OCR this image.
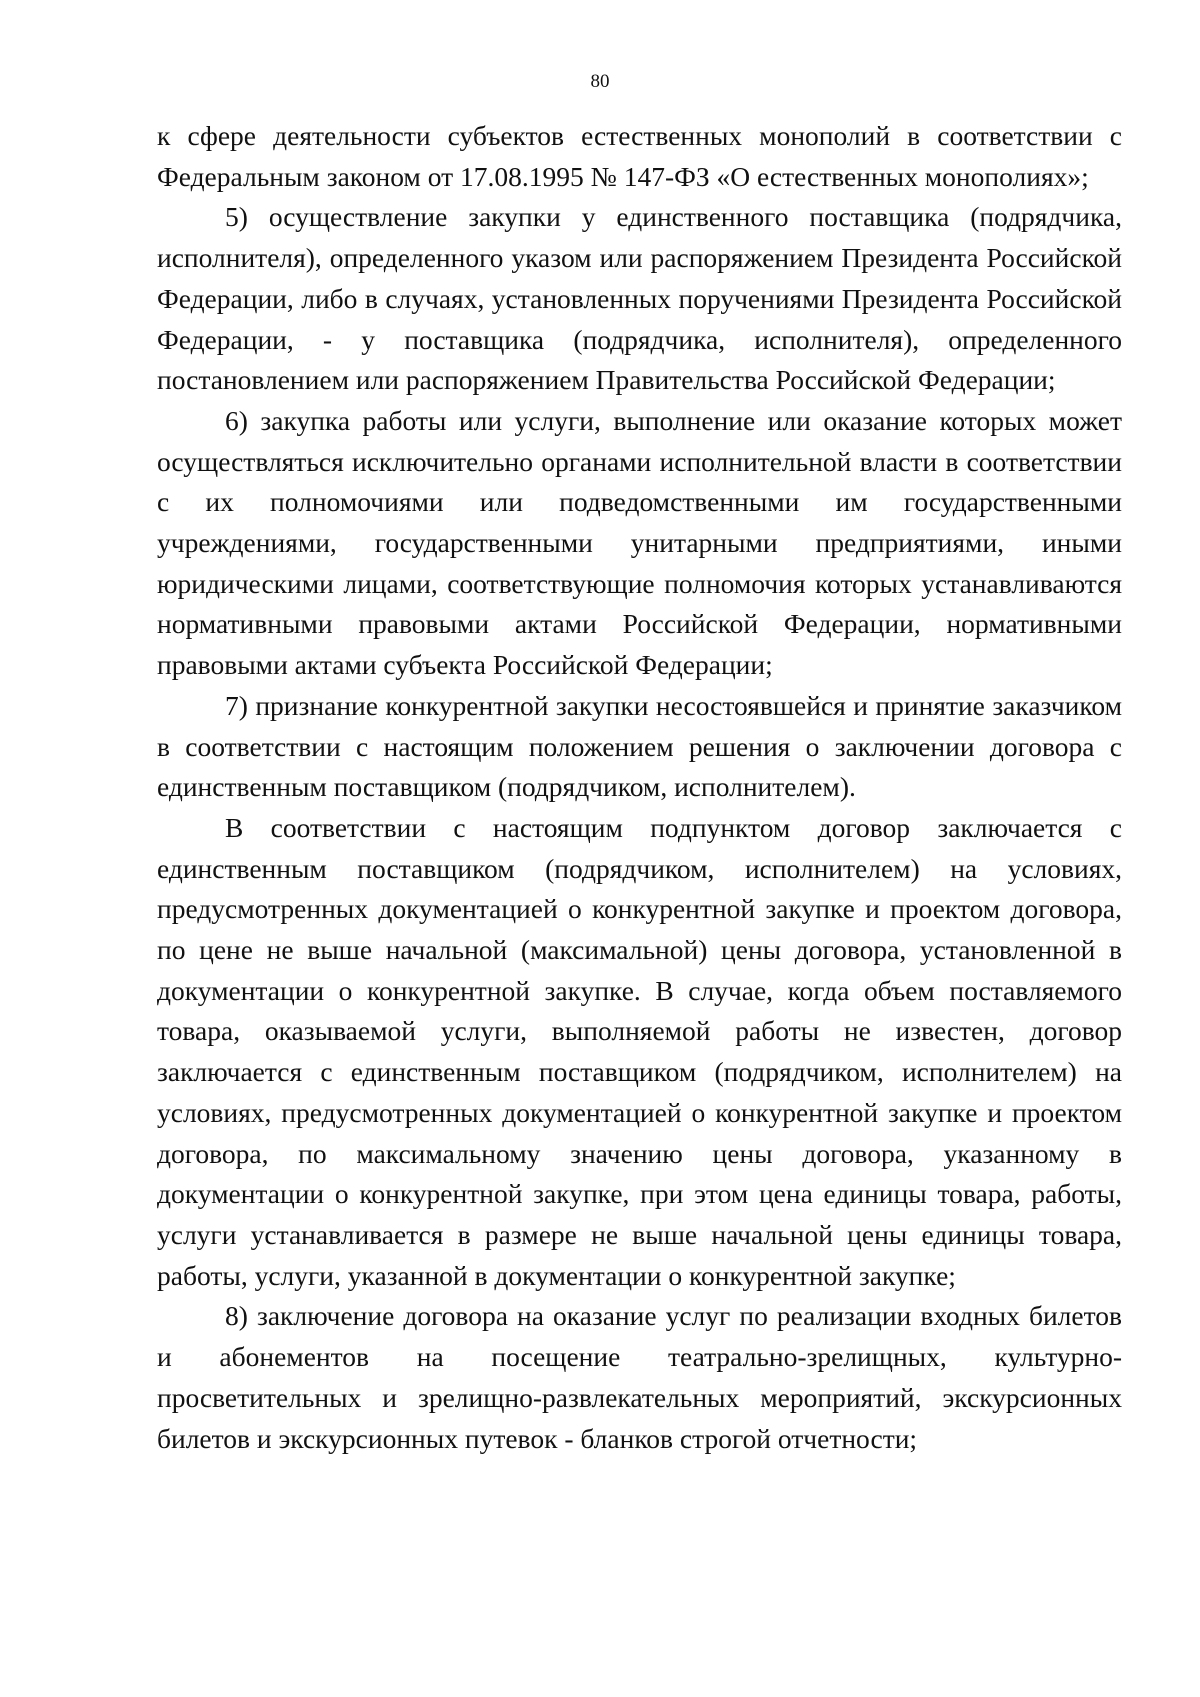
80

к сфере деятельности субъектов естественных монополий в соответствии с Федеральным законом от 17.08.1995 № 147-ФЗ «О естественных монополиях»;

5) осуществление закупки у единственного поставщика (подрядчика, исполнителя), определенного указом или распоряжением Президента Российской Федерации, либо в случаях, установленных поручениями Президента Российской Федерации, - у поставщика (подрядчика, исполнителя), определенного постановлением или распоряжением Правительства Российской Федерации;

6) закупка работы или услуги, выполнение или оказание которых может осуществляться исключительно органами исполнительной власти в соответствии с их полномочиями или подведомственными им государственными учреждениями, государственными унитарными предприятиями, иными юридическими лицами, соответствующие полномочия которых устанавливаются нормативными правовыми актами Российской Федерации, нормативными правовыми актами субъекта Российской Федерации;

7) признание конкурентной закупки несостоявшейся и принятие заказчиком в соответствии с настоящим положением решения о заключении договора с единственным поставщиком (подрядчиком, исполнителем).

В соответствии с настоящим подпунктом договор заключается с единственным поставщиком (подрядчиком, исполнителем) на условиях, предусмотренных документацией о конкурентной закупке и проектом договора, по цене не выше начальной (максимальной) цены договора, установленной в документации о конкурентной закупке. В случае, когда объем поставляемого товара, оказываемой услуги, выполняемой работы не известен, договор заключается с единственным поставщиком (подрядчиком, исполнителем) на условиях, предусмотренных документацией о конкурентной закупке и проектом договора, по максимальному значению цены договора, указанному в документации о конкурентной закупке, при этом цена единицы товара, работы, услуги устанавливается в размере не выше начальной цены единицы товара, работы, услуги, указанной в документации о конкурентной закупке;

8) заключение договора на оказание услуг по реализации входных билетов и абонементов на посещение театрально-зрелищных, культурно-просветительных и зрелищно-развлекательных мероприятий, экскурсионных билетов и экскурсионных путевок - бланков строгой отчетности;
